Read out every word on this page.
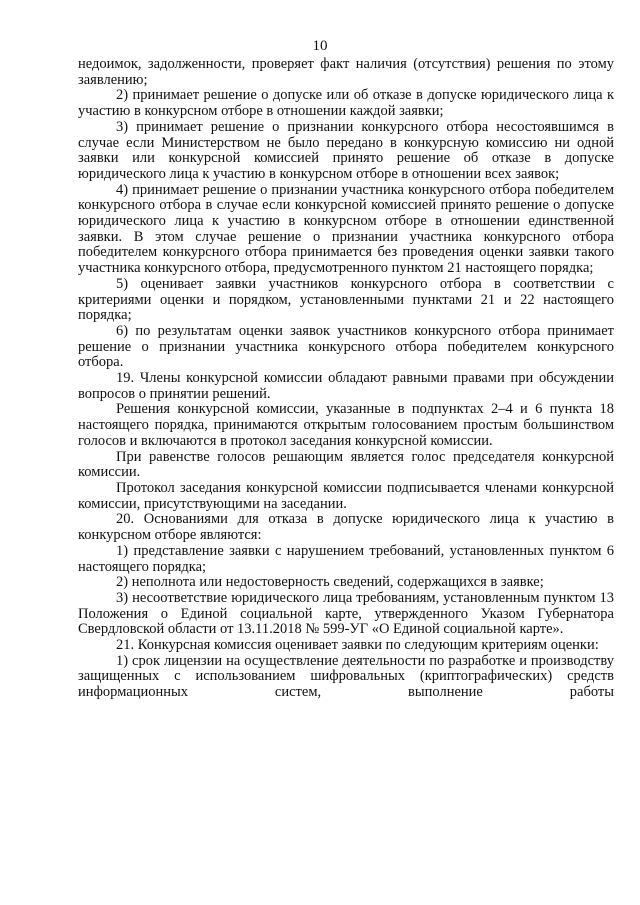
10

недоимок, задолженности, проверяет факт наличия (отсутствия) решения по этому заявлению;

2) принимает решение о допуске или об отказе в допуске юридического лица к участию в конкурсном отборе в отношении каждой заявки;

3) принимает решение о признании конкурсного отбора несостоявшимся в случае если Министерством не было передано в конкурсную комиссию ни одной заявки или конкурсной комиссией принято решение об отказе в допуске юридического лица к участию в конкурсном отборе в отношении всех заявок;

4) принимает решение о признании участника конкурсного отбора победителем конкурсного отбора в случае если конкурсной комиссией принято решение о допуске юридического лица к участию в конкурсном отборе в отношении единственной заявки. В этом случае решение о признании участника конкурсного отбора победителем конкурсного отбора принимается без проведения оценки заявки такого участника конкурсного отбора, предусмотренного пунктом 21 настоящего порядка;

5) оценивает заявки участников конкурсного отбора в соответствии с критериями оценки и порядком, установленными пунктами 21 и 22 настоящего порядка;

6) по результатам оценки заявок участников конкурсного отбора принимает решение о признании участника конкурсного отбора победителем конкурсного отбора.

19. Члены конкурсной комиссии обладают равными правами при обсуждении вопросов о принятии решений.

Решения конкурсной комиссии, указанные в подпунктах 2–4 и 6 пункта 18 настоящего порядка, принимаются открытым голосованием простым большинством голосов и включаются в протокол заседания конкурсной комиссии.

При равенстве голосов решающим является голос председателя конкурсной комиссии.

Протокол заседания конкурсной комиссии подписывается членами конкурсной комиссии, присутствующими на заседании.

20. Основаниями для отказа в допуске юридического лица к участию в конкурсном отборе являются:

1) представление заявки с нарушением требований, установленных пунктом 6 настоящего порядка;

2) неполнота или недостоверность сведений, содержащихся в заявке;

3) несоответствие юридического лица требованиям, установленным пунктом 13 Положения о Единой социальной карте, утвержденного Указом Губернатора Свердловской области от 13.11.2018 № 599-УГ «О Единой социальной карте».

21. Конкурсная комиссия оценивает заявки по следующим критериям оценки:

1) срок лицензии на осуществление деятельности по разработке и производству защищенных с использованием шифровальных (криптографических) средств информационных систем, выполнение работы
